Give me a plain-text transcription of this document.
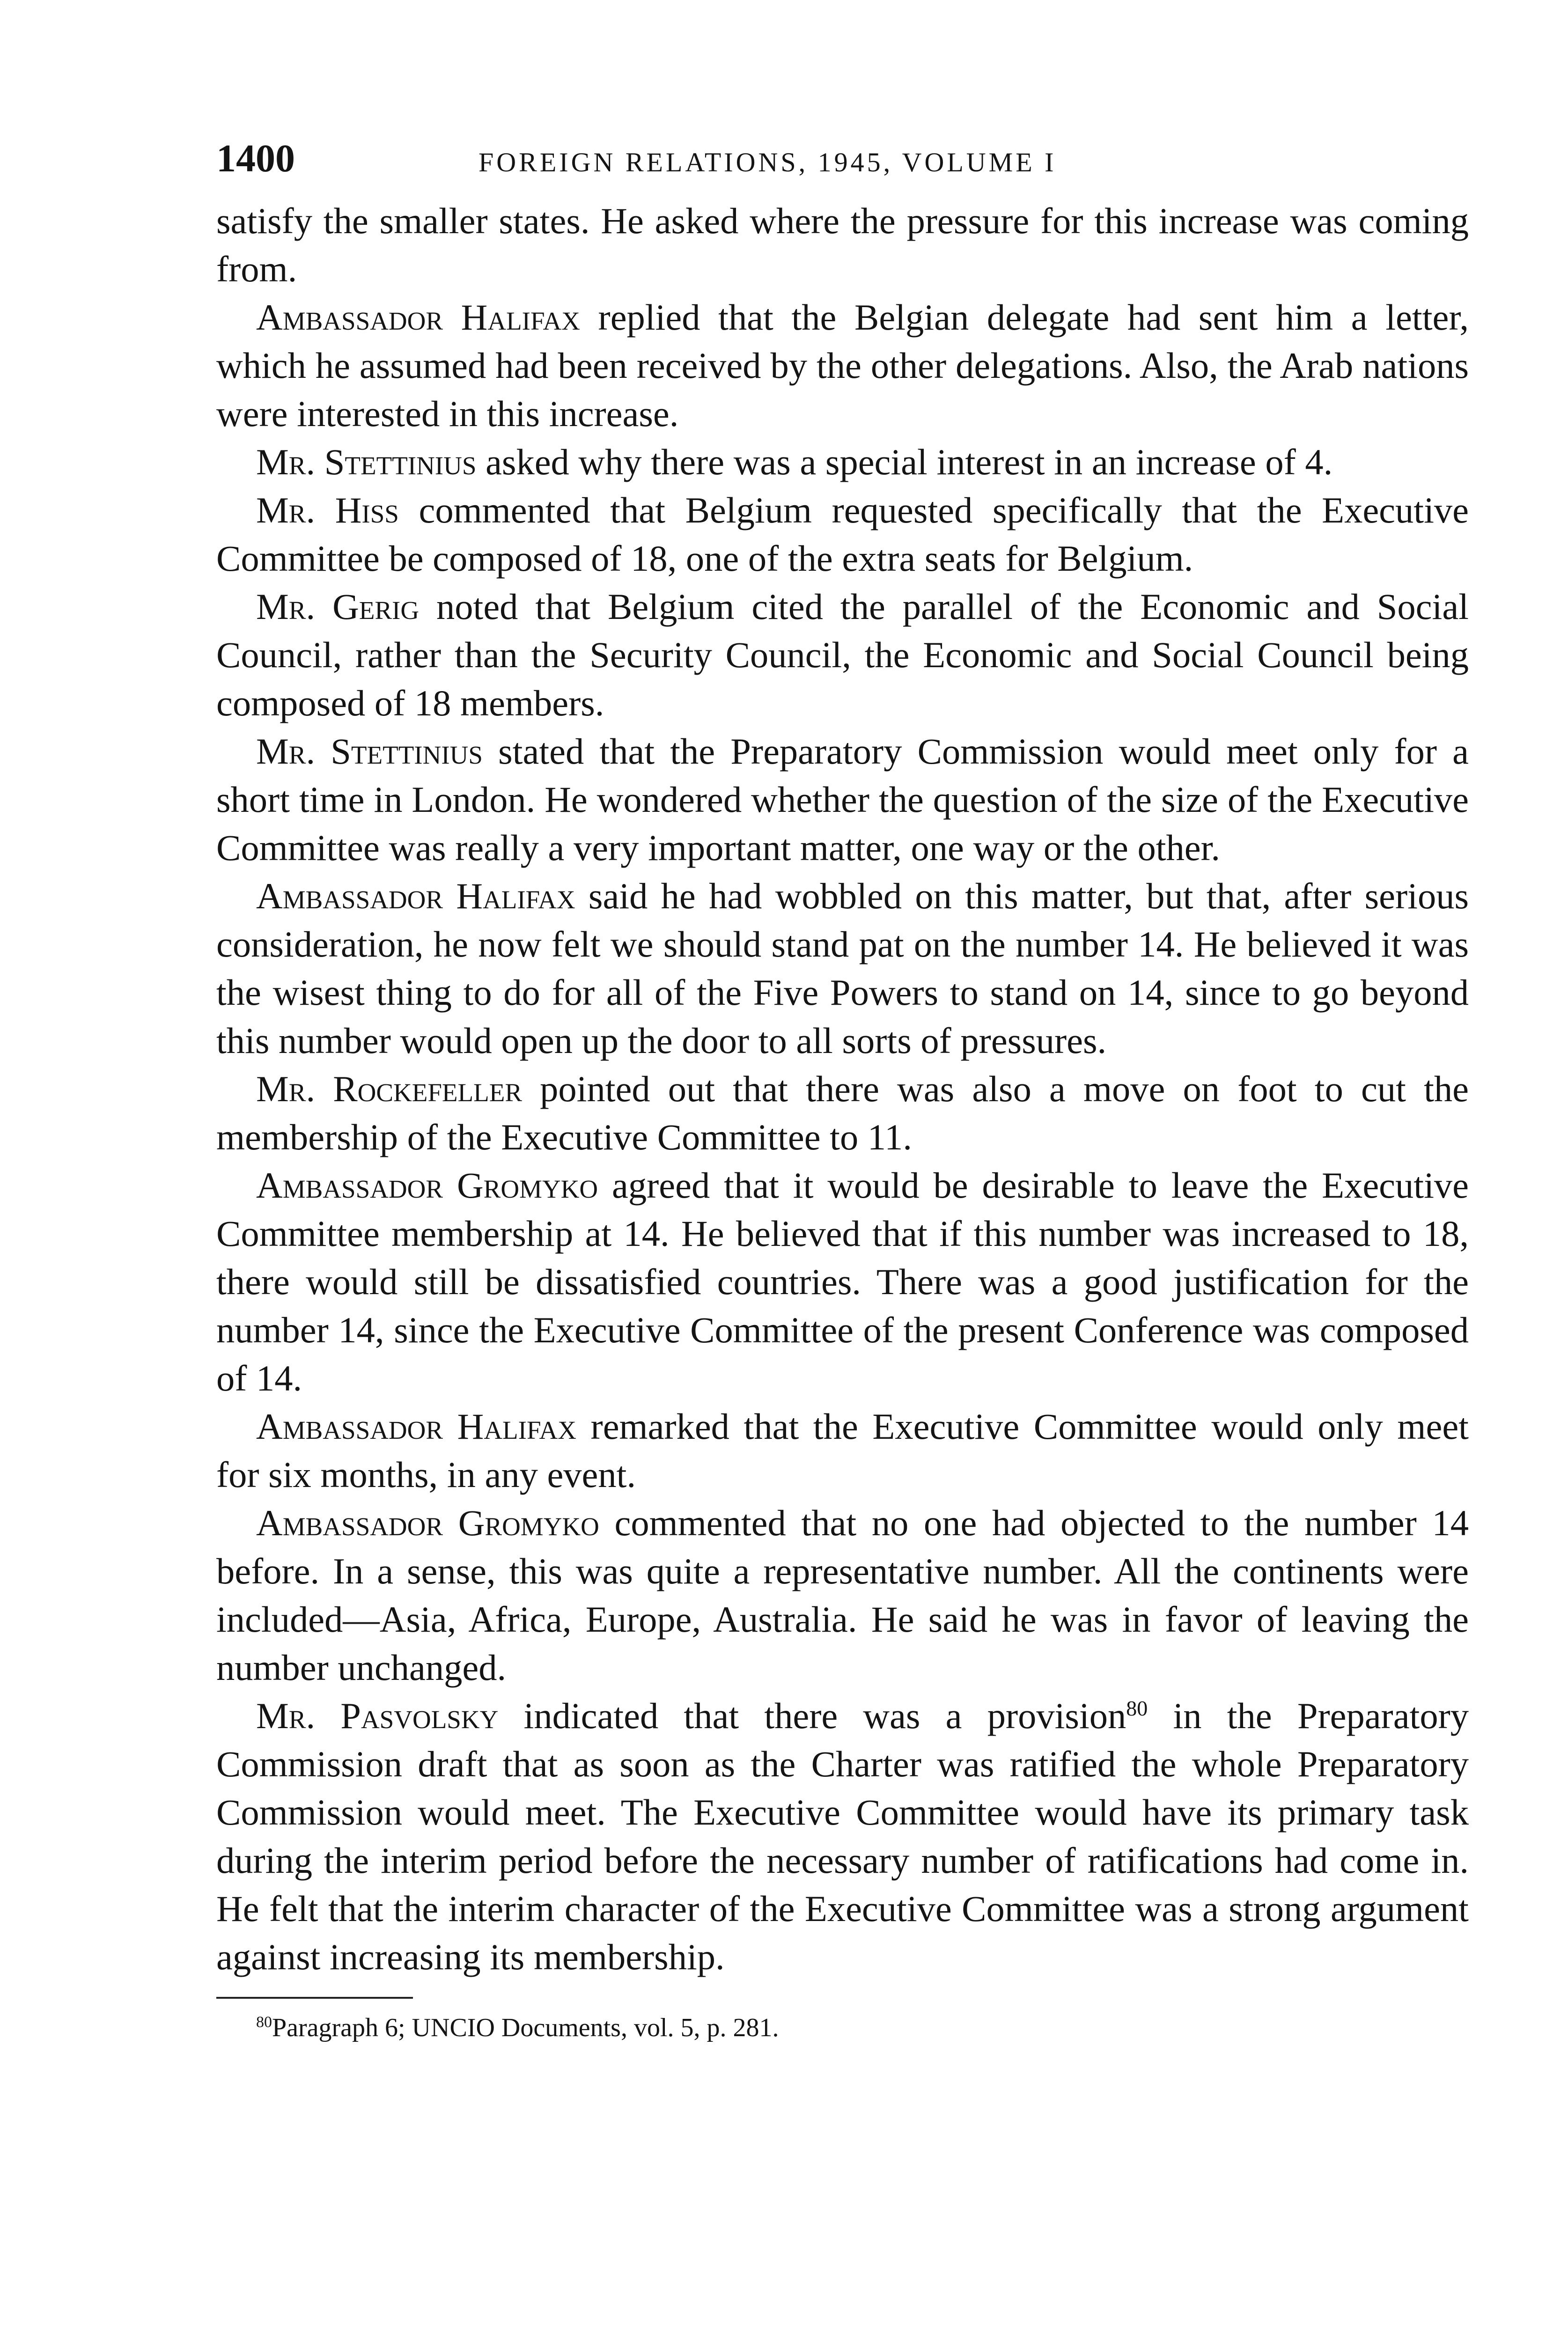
1400	FOREIGN RELATIONS, 1945, VOLUME I

satisfy the smaller states. He asked where the pressure for this increase was coming from.

Ambassador Halifax replied that the Belgian delegate had sent him a letter, which he assumed had been received by the other delegations. Also, the Arab nations were interested in this increase.

Mr. Stettinius asked why there was a special interest in an increase of 4.

Mr. Hiss commented that Belgium requested specifically that the Executive Committee be composed of 18, one of the extra seats for Belgium.

Mr. Gerig noted that Belgium cited the parallel of the Economic and Social Council, rather than the Security Council, the Economic and Social Council being composed of 18 members.

Mr. Stettinius stated that the Preparatory Commission would meet only for a short time in London. He wondered whether the question of the size of the Executive Committee was really a very important matter, one way or the other.

Ambassador Halifax said he had wobbled on this matter, but that, after serious consideration, he now felt we should stand pat on the number 14. He believed it was the wisest thing to do for all of the Five Powers to stand on 14, since to go beyond this number would open up the door to all sorts of pressures.

Mr. Rockefeller pointed out that there was also a move on foot to cut the membership of the Executive Committee to 11.

Ambassador Gromyko agreed that it would be desirable to leave the Executive Committee membership at 14. He believed that if this number was increased to 18, there would still be dissatisfied countries. There was a good justification for the number 14, since the Executive Committee of the present Conference was composed of 14.

Ambassador Halifax remarked that the Executive Committee would only meet for six months, in any event.

Ambassador Gromyko commented that no one had objected to the number 14 before. In a sense, this was quite a representative number. All the continents were included—Asia, Africa, Europe, Australia. He said he was in favor of leaving the number unchanged.

Mr. Pasvolsky indicated that there was a provision$^{80}$ in the Preparatory Commission draft that as soon as the Charter was ratified the whole Preparatory Commission would meet. The Executive Committee would have its primary task during the interim period before the necessary number of ratifications had come in. He felt that the interim character of the Executive Committee was a strong argument against increasing its membership.

$^{80}$Paragraph 6; UNCIO Documents, vol. 5, p. 281.
